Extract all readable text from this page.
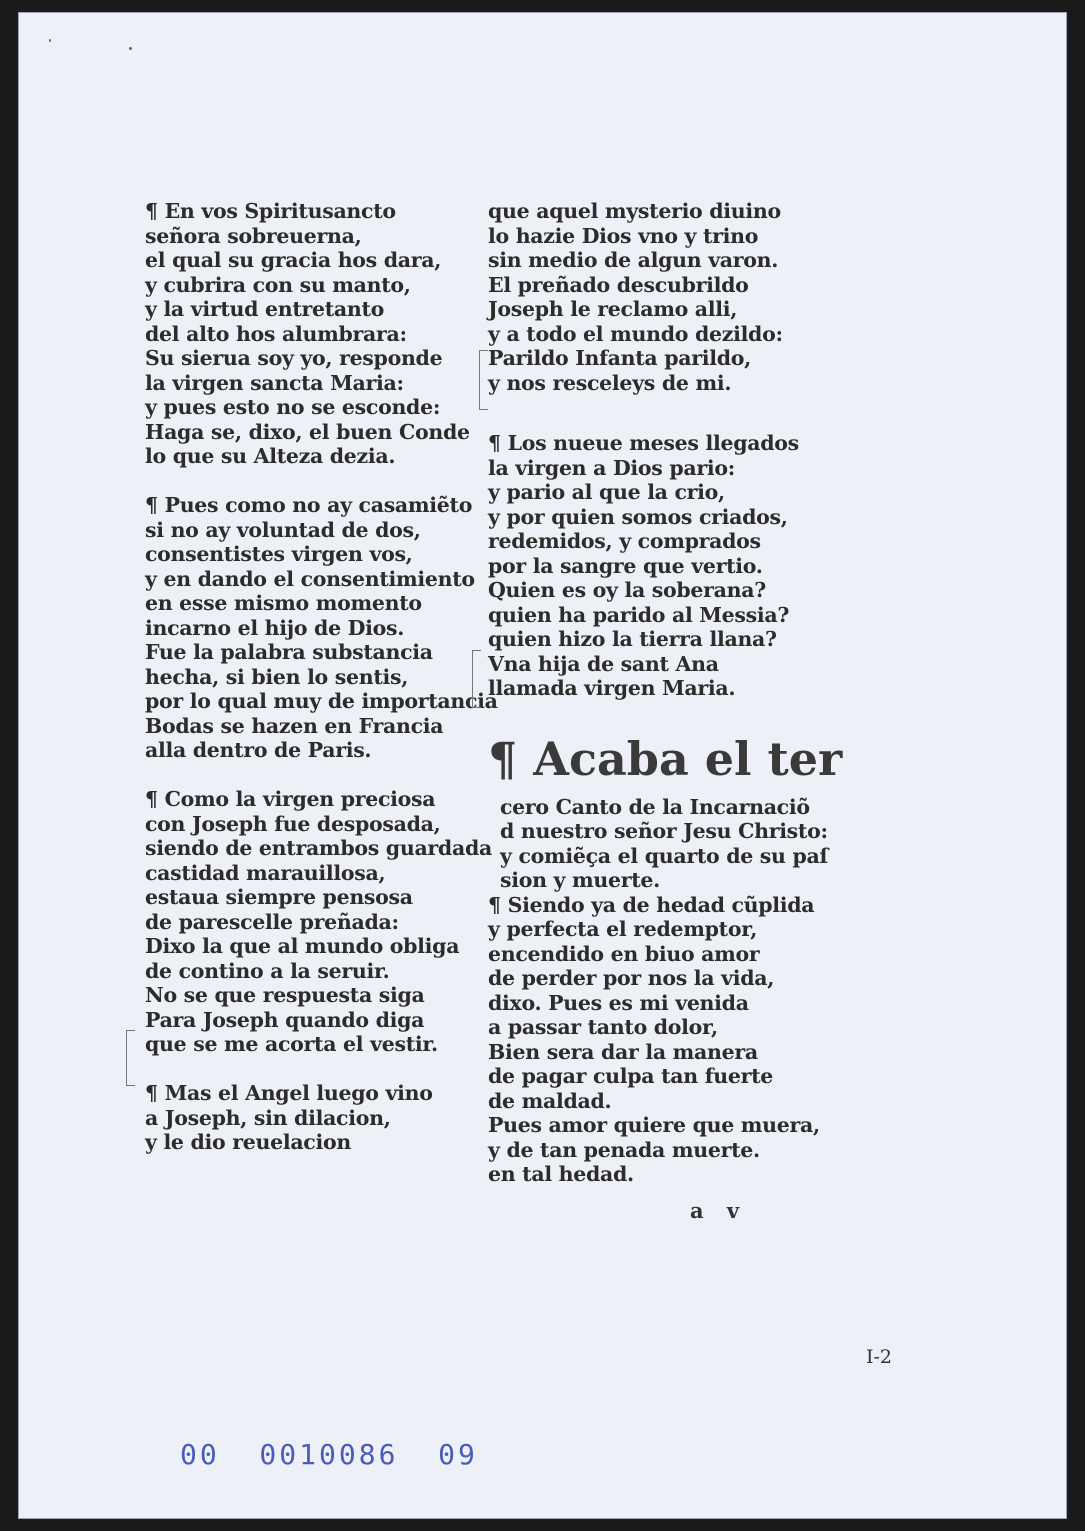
¶ En vos Spiritusancto
señora sobreuerna,
el qual su gracia hos dara,
y cubrira con su manto,
y la virtud entretanto
del alto hos alumbrara:
Su sierua soy yo, responde
la virgen sancta Maria:
y pues esto no se esconde:
Haga se, dixo, el buen Conde
lo que su Alteza dezia.
¶ Pues como no ay casamiẽto
si no ay voluntad de dos,
consentistes virgen vos,
y en dando el consentimiento
en esse mismo momento
incarno el hijo de Dios.
Fue la palabra substancia
hecha, si bien lo sentis,
por lo qual muy de importancia
Bodas se hazen en Francia
alla dentro de Paris.
¶ Como la virgen preciosa
con Joseph fue desposada,
siendo de entrambos guardada
castidad marauillosa,
estaua siempre pensosa
de parescelle preñada:
Dixo la que al mundo obliga
de contino a la seruir.
No se que respuesta siga
Para Joseph quando diga
que se me acorta el vestir.
¶ Mas el Angel luego vino
a Joseph, sin dilacion,
y le dio reuelacion
que aquel mysterio diuino
lo hazie Dios vno y trino
sin medio de algun varon.
El preñado descubrildo
Joseph le reclamo alli,
y a todo el mundo dezildo:
Parildo Infanta parildo,
y nos resceleys de mi.
¶ Los nueue meses llegados
la virgen a Dios pario:
y pario al que la crio,
y por quien somos criados,
redemidos, y comprados
por la sangre que vertio.
Quien es oy la soberana?
quien ha parido al Messia?
quien hizo la tierra llana?
Vna hija de sant Ana
llamada virgen Maria.
¶ Acaba el ter
cero Canto de la Incarnaciõ
d nuestro señor Jesu Christo:
y comiẽça el quarto de su paſ
sion y muerte.
¶ Siendo ya de hedad cũplida
y perfecta el redemptor,
encendido en biuo amor
de perder por nos la vida,
dixo. Pues es mi venida
a passar tanto dolor,
Bien sera dar la manera
de pagar culpa tan fuerte
de maldad.
Pues amor quiere que muera,
y de tan penada muerte.
en tal hedad.
a v
I-2
00  0010086  09
